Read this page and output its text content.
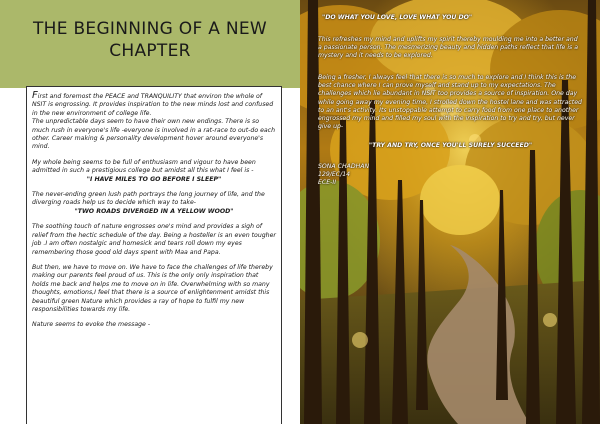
THE BEGINNING OF A NEW
CHAPTER

First and foremost the PEACE and TRANQUILITY that environ the whole of NSIT is engrossing. It provides inspiration to the new minds lost and confused in the new environment of college life.

The unpredictable days seem to have their own new endings. There is so much rush in everyone's life -everyone is involved in a rat-race to out-do each other. Career making & personality development hover around everyone's mind.

My whole being seems to be full of enthusiasm and vigour to have been admitted in such a prestigious college but amidst all this what I feel is -

"I HAVE MILES TO GO BEFORE I SLEEP"

The never-ending green lush path portrays the long journey of life, and the diverging roads help us to decide which way to take-

"TWO ROADS DIVERGED IN A YELLOW WOOD"

The soothing touch of nature engrosses one's mind and provides a sigh of relief from the hectic schedule of the day. Being a hosteller is an even tougher job .I am often nostalgic and homesick and tears roll down my eyes remembering those good old days spent with Maa and Papa.

But then, we have to move on. We have to face the challenges of life thereby making our parents feel proud of us. This is the only only inspiration that holds me back and helps me to move on in life. Overwhelming with so many thoughts, emotions,I feel that there is a source of enlightenment amidst this beautiful green Nature which provides a ray of hope to fulfil my new responsibilities towards my life.

Nature seems to evoke the message -

"DO WHAT YOU LOVE, LOVE WHAT YOU DO"
This refreshes my mind and uplifts my spirit thereby moulding me into a better and a passionate person. The mesmerizing beauty and hidden paths reflect that life is a mystery and it needs to be explored.
Being a fresher, I always feel that there is so much to explore and I think this is the best chance where I can prove myself and stand up to my expectations. The challenges which lie abundant in NSIT too provides a source of inspiration. One day while going away my evening time, I strolled down the hostel lane and was attracted to an ant's activity. Its unstoppable attempt to carry food from one place to another engrossed my mind and filled my soul with the inspiration to try and try, but never give up-
"TRY AND TRY, ONCE YOU'LL SURELY SUCCEED"
SONA CHADHAN
129/EC/14
ECE-II
